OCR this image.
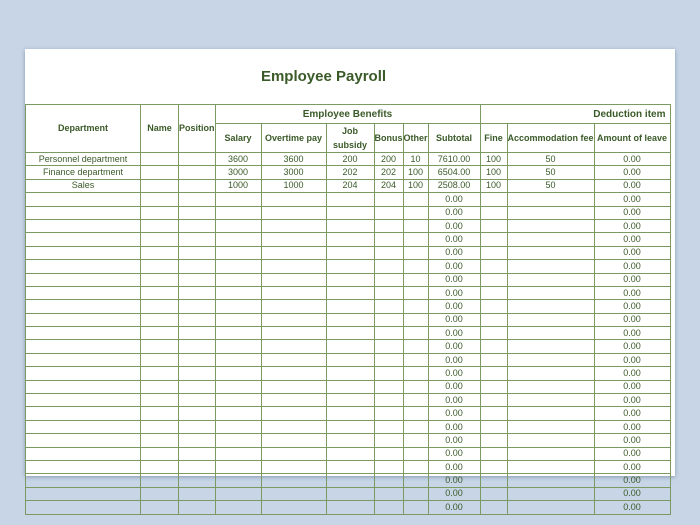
Employee Payroll
Department	Name	Position	Employee Benefits						Deduction item		
			Salary	Overtime pay	Job subsidy	Bonus	Other	Subtotal	Fine	Accommodation fee	Amount of leave
Personnel department			3600	3600	200	200	10	7610.00	100	50	0.00
Finance department			3000	3000	202	202	100	6504.00	100	50	0.00
Sales			1000	1000	204	204	100	2508.00	100	50	0.00
								0.00			0.00
								0.00			0.00
								0.00			0.00
								0.00			0.00
								0.00			0.00
								0.00			0.00
								0.00			0.00
								0.00			0.00
								0.00			0.00
								0.00			0.00
								0.00			0.00
								0.00			0.00
								0.00			0.00
								0.00			0.00
								0.00			0.00
								0.00			0.00
								0.00			0.00
								0.00			0.00
								0.00			0.00
								0.00			0.00
								0.00			0.00
								0.00			0.00
								0.00			0.00
								0.00			0.00
